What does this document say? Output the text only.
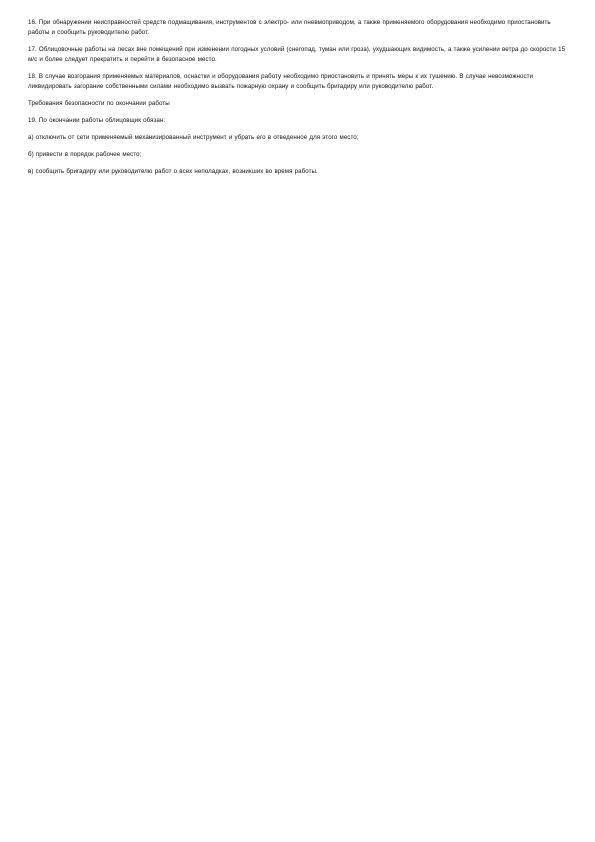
16. При обнаружении неисправностей средств подмащивания, инструментов с электро- или пневмоприводом, а также применяемого оборудования необходимо приостановить работы и сообщить руководителю работ.

17. Облицовочные работы на лесах вне помещений при изменении погодных условий (снегопад, туман или гроза), ухудшающих видимость, а также усилении ветра до скорости 15 м/с и более следует прекратить и перейти в безопасное место.

18. В случае возгорания применяемых материалов, оснастки и оборудования работу необходимо приостановить и принять меры к их тушению. В случае невозможности ликвидировать загорание собственными силами необходимо вызвать пожарную охрану и сообщить бригадиру или руководителю работ.

Требования безопасности по окончании работы

19. По окончании работы облицовщик обязан:

а) отключить от сети применяемый механизированный инструмент и убрать его в отведенное для этого место;

б) привести в порядок рабочее место;

в) сообщить бригадиру или руководителю работ о всех неполадках, возникших во время работы.
